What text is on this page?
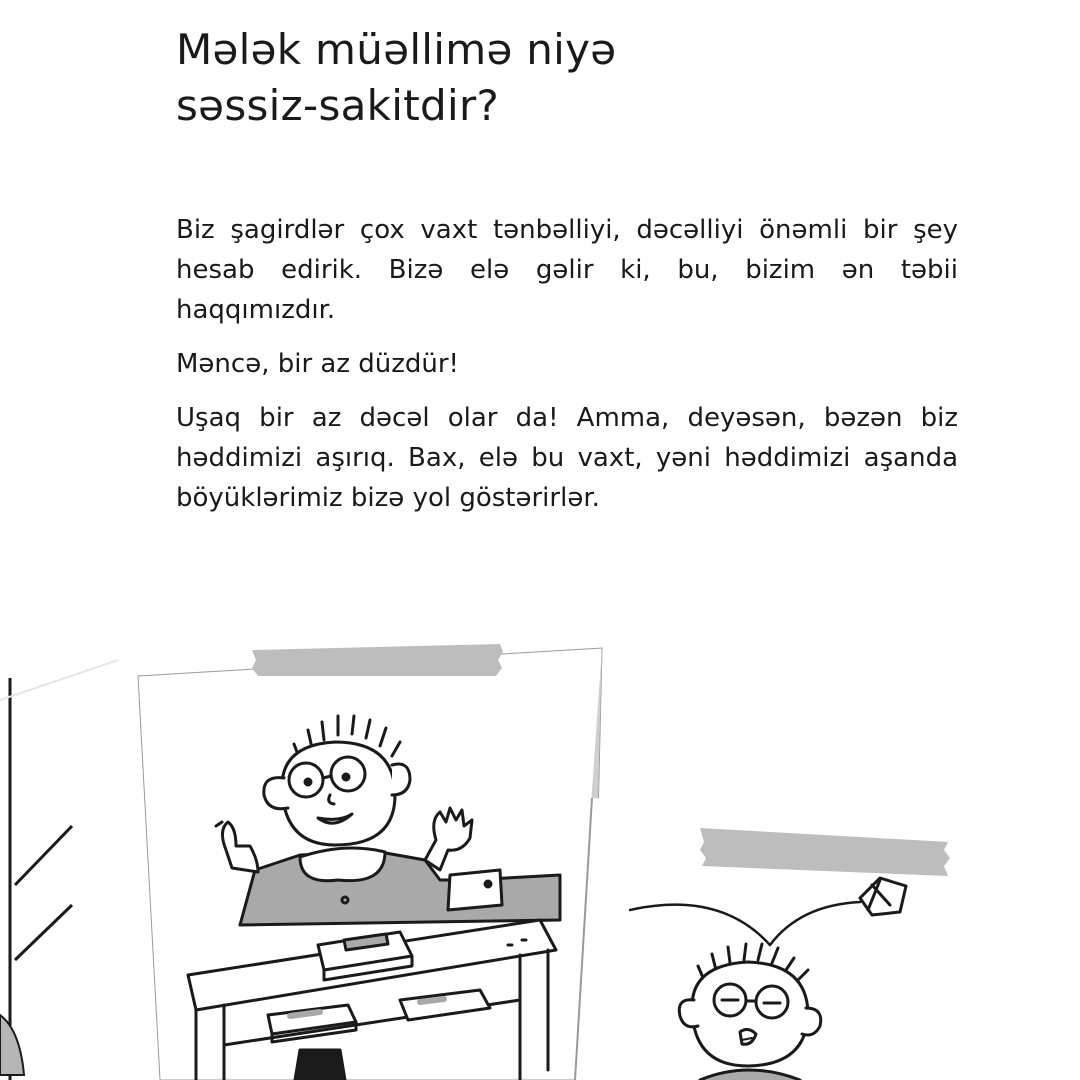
Mələk müəllimə niyə
səssiz-sakitdir?

Biz şagirdlər çox vaxt tənbəlliyi, dəcəlliyi önəmli bir şey hesab edirik. Bizə elə gəlir ki, bu, bizim ən təbii haqqımızdır.

Məncə, bir az düzdür!

Uşaq bir az dəcəl olar da! Amma, deyəsən, bəzən biz həddimizi aşırıq. Bax, elə bu vaxt, yəni həddimizi aşanda böyüklərimiz bizə yol göstərirlər.
